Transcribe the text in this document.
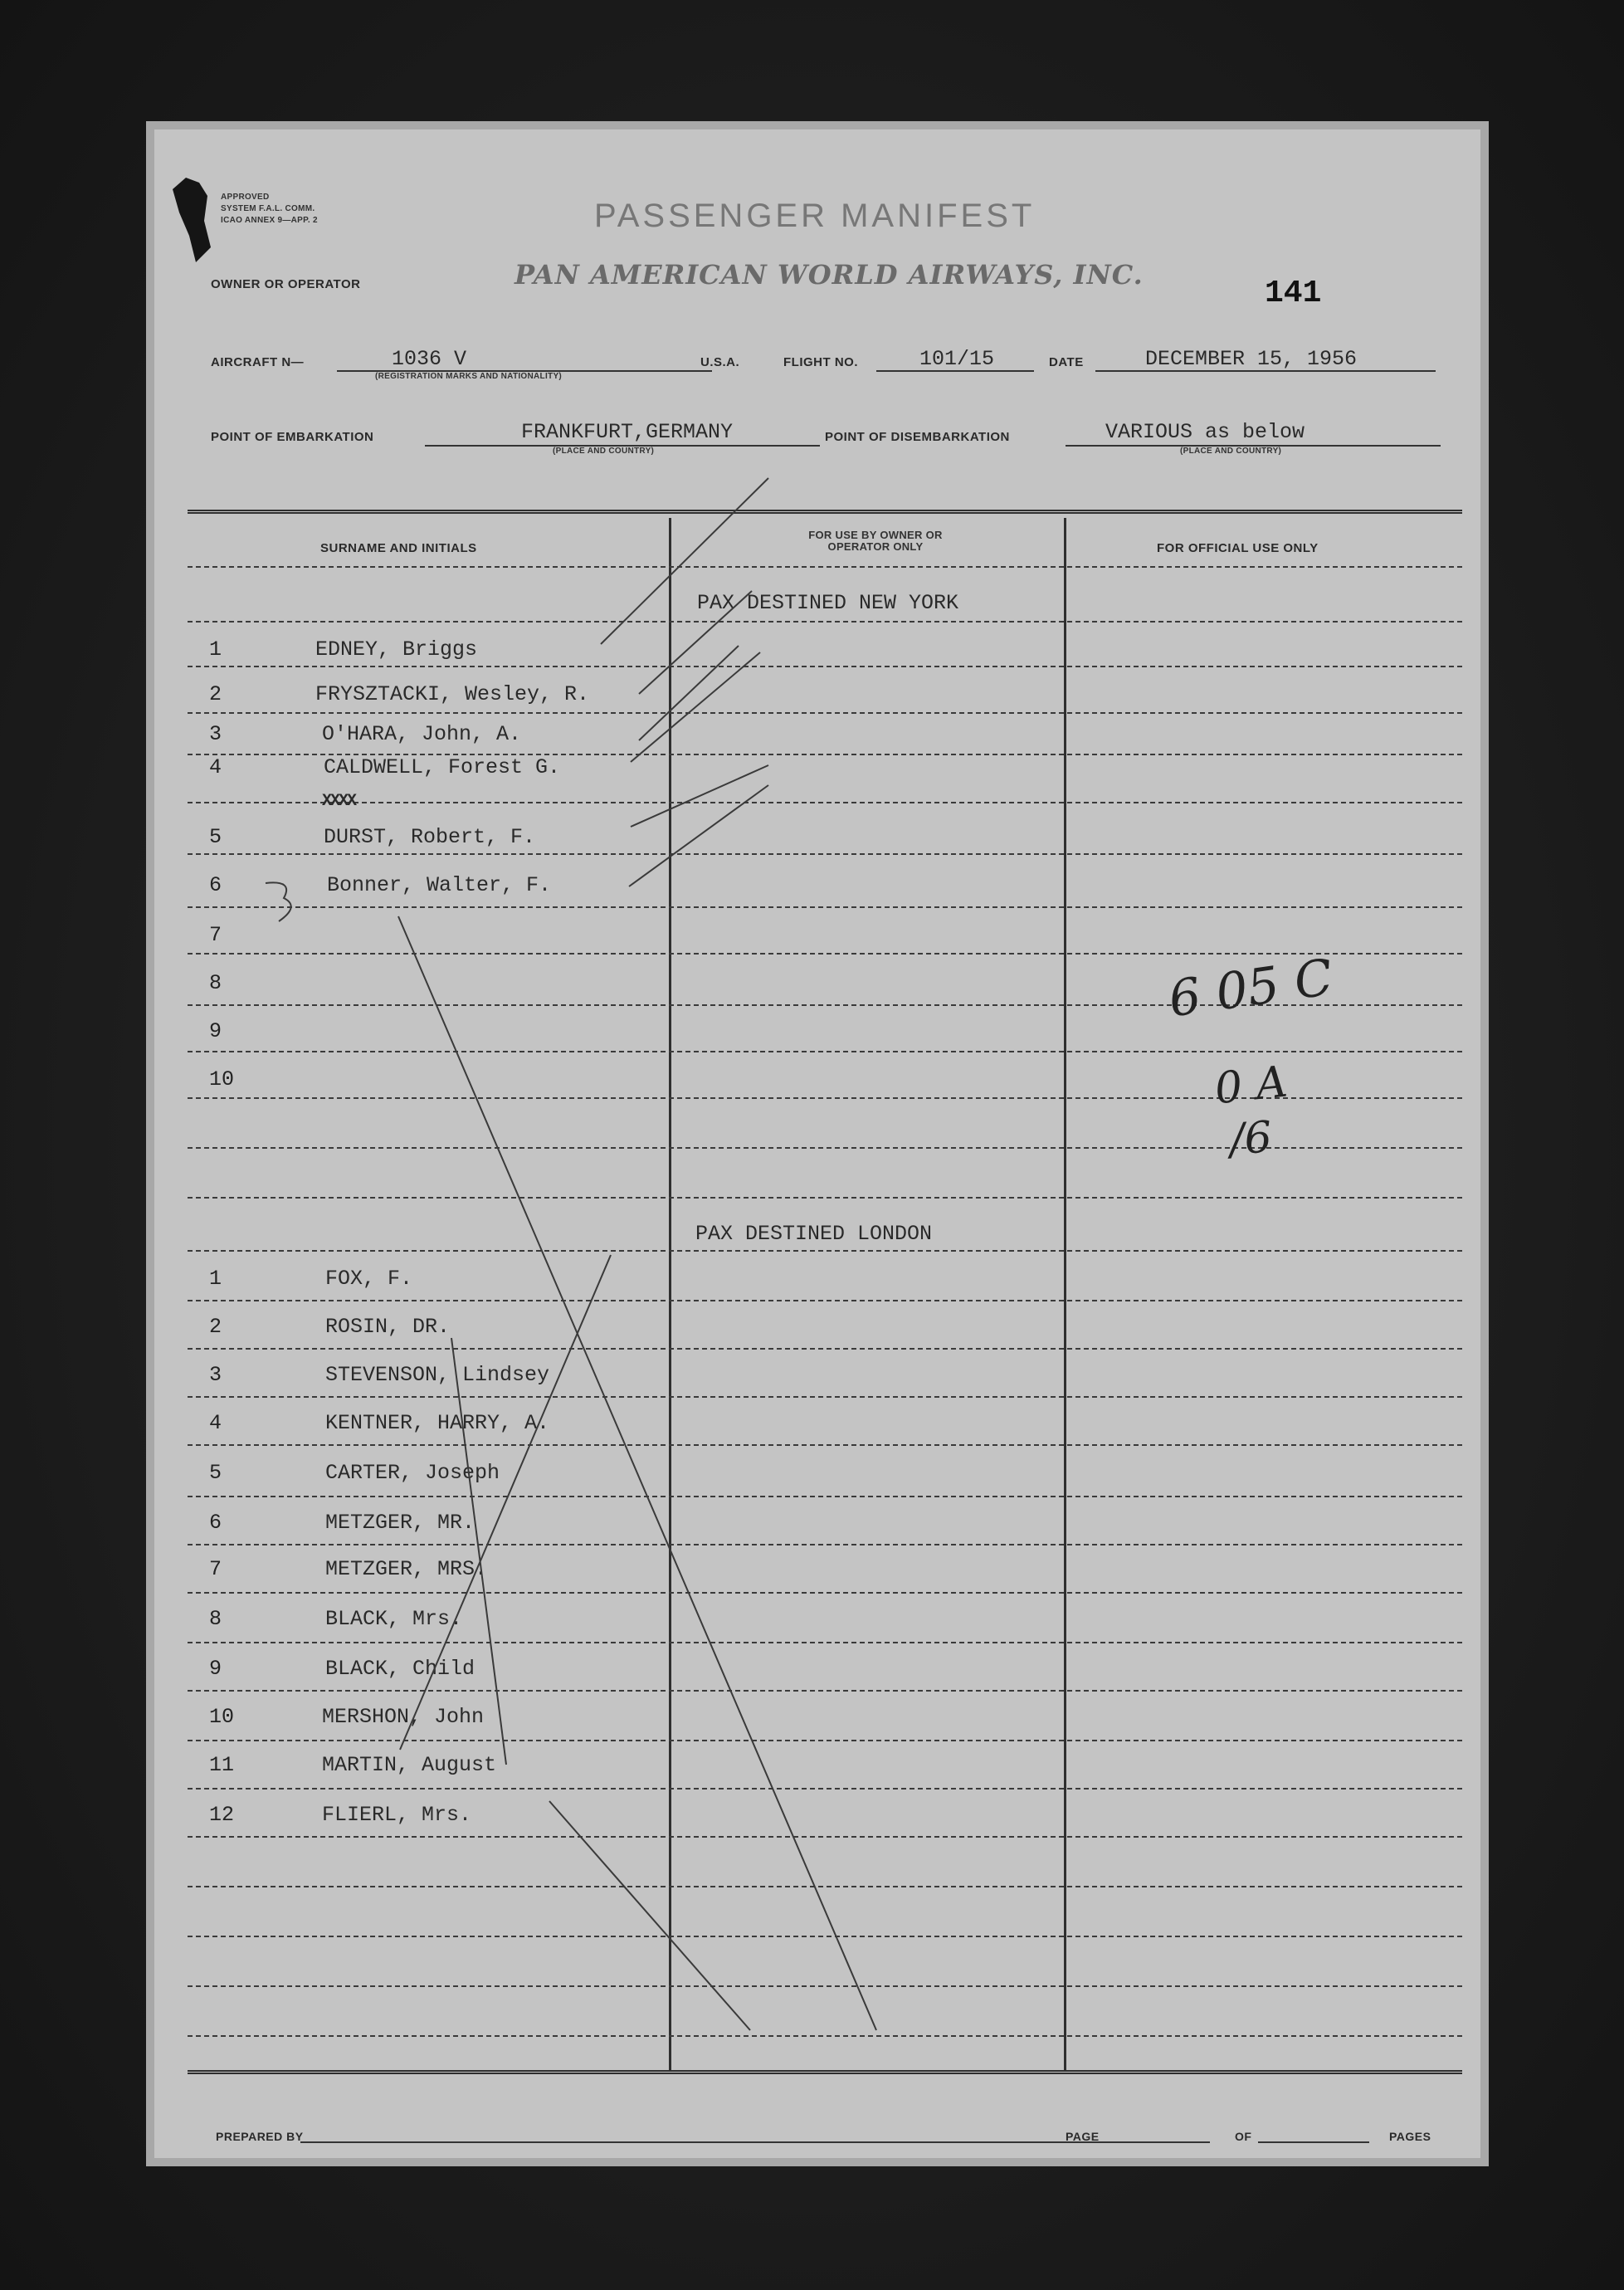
APPROVED
SYSTEM F.A.L. COMM.
ICAO ANNEX 9—APP. 2	PASSENGER MANIFEST
PAN AMERICAN WORLD AIRWAYS, INC.
OWNER OR OPERATOR	141
AIRCRAFT N—	1036 V
(REGISTRATION MARKS AND NATIONALITY)
U.S.A.	FLIGHT NO.	101/15	DATE	DECEMBER 15, 1956
POINT OF EMBARKATION	FRANKFURT,GERMANY
(PLACE AND COUNTRY)
POINT OF DISEMBARKATION	VARIOUS as below
(PLACE AND COUNTRY)
SURNAME AND INITIALS
FOR USE BY OWNER OR OPERATOR ONLY	FOR OFFICIAL USE ONLY
PAX DESTINED NEW YORK
1	EDNEY, Briggs
2	FRYSZTACKI, Wesley, R.
3	O'HARA, John, A.
4	CALDWELL, Forest G.
5	DURST, Robert, F.
6	Bonner, Walter, F.
7
8
9
10
XXXX
PAX DESTINED LONDON
1	FOX, F.
2	ROSIN, DR.
3	STEVENSON, Lindsey
4	KENTNER, HARRY, A.
5	CARTER, Joseph
6	METZGER, MR.
7	METZGER, MRS.
8	BLACK, Mrs.
9	BLACK, Child
10	MERSHON, John
11	MARTIN, August
12	FLIERL, Mrs.
6 05 C
0 A
/6
PREPARED BY	PAGE	OF	PAGES
